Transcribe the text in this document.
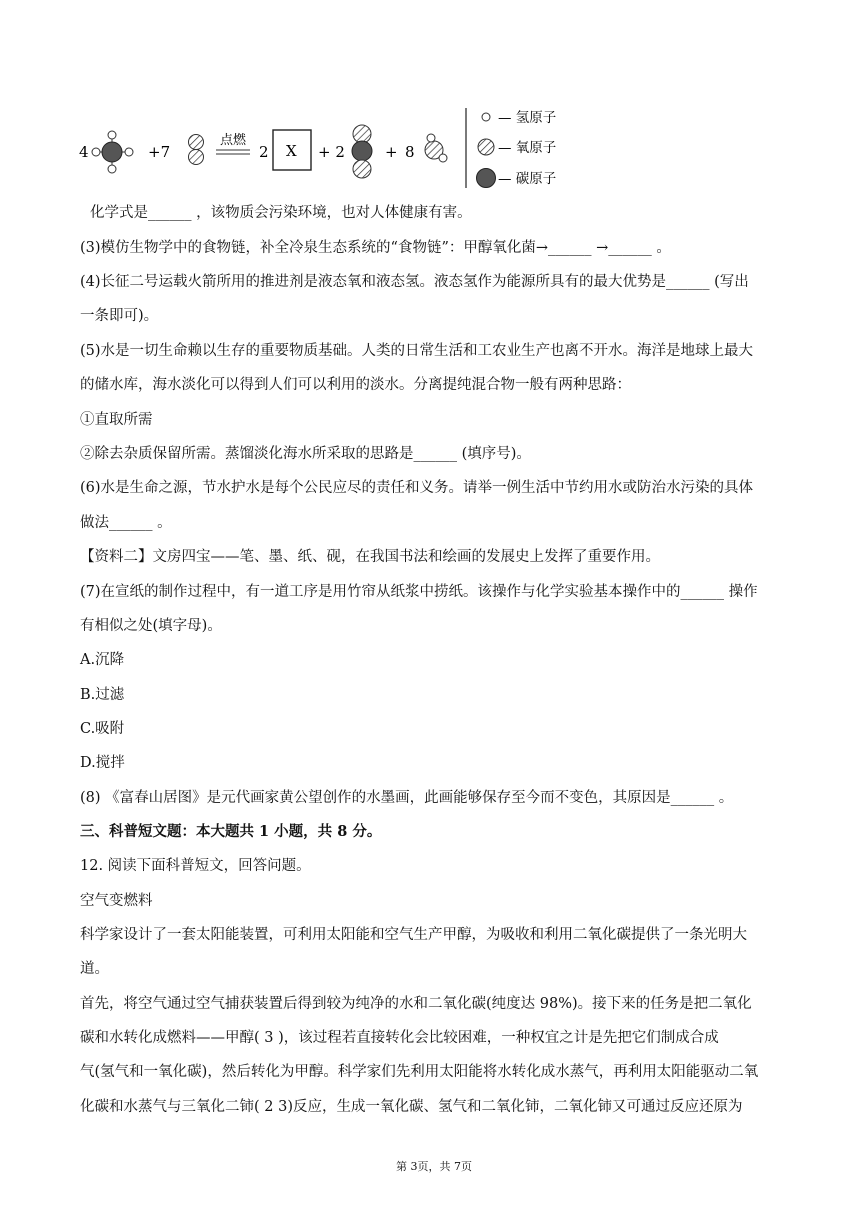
4	+7
点燃
2 X + 2	+ 8
— 氢原子
— 氧原子
— 碳原子
化学式是______ ，该物质会污染环境，也对人体健康有害。
(3)模仿生物学中的食物链，补全冷泉生态系统的“食物链”：甲醇氧化菌→______ →______ 。
(4)长征二号运载火箭所用的推进剂是液态氧和液态氢。液态氢作为能源所具有的最大优势是______ (写出
一条即可)。
(5)水是一切生命赖以生存的重要物质基础。人类的日常生活和工农业生产也离不开水。海洋是地球上最大
的储水库，海水淡化可以得到人们可以利用的淡水。分离提纯混合物一般有两种思路：
①直取所需
②除去杂质保留所需。蒸馏淡化海水所采取的思路是______ (填序号)。
(6)水是生命之源，节水护水是每个公民应尽的责任和义务。请举一例生活中节约用水或防治水污染的具体
做法______ 。
【资料二】文房四宝——笔、墨、纸、砚，在我国书法和绘画的发展史上发挥了重要作用。
(7)在宣纸的制作过程中，有一道工序是用竹帘从纸浆中捞纸。该操作与化学实验基本操作中的______ 操作
有相似之处(填字母)。
A.沉降
B.过滤
C.吸附
D.搅拌
(8) 《富春山居图》是元代画家黄公望创作的水墨画，此画能够保存至今而不变色，其原因是______ 。
三、科普短文题：本大题共 1 小题，共 8 分。
12. 阅读下面科普短文，回答问题。
空气变燃料
科学家设计了一套太阳能装置，可利用太阳能和空气生产甲醇，为吸收和利用二氧化碳提供了一条光明大
道。
首先，将空气通过空气捕获装置后得到较为纯净的水和二氧化碳(纯度达 98%)。接下来的任务是把二氧化
碳和水转化成燃料——甲醇( 3 )，该过程若直接转化会比较困难，一种权宜之计是先把它们制成合成
气(氢气和一氧化碳)，然后转化为甲醇。科学家们先利用太阳能将水转化成水蒸气，再利用太阳能驱动二氧
化碳和水蒸气与三氧化二铈( 2 3)反应，生成一氧化碳、氢气和二氧化铈，二氧化铈又可通过反应还原为
第 3页，共 7页
